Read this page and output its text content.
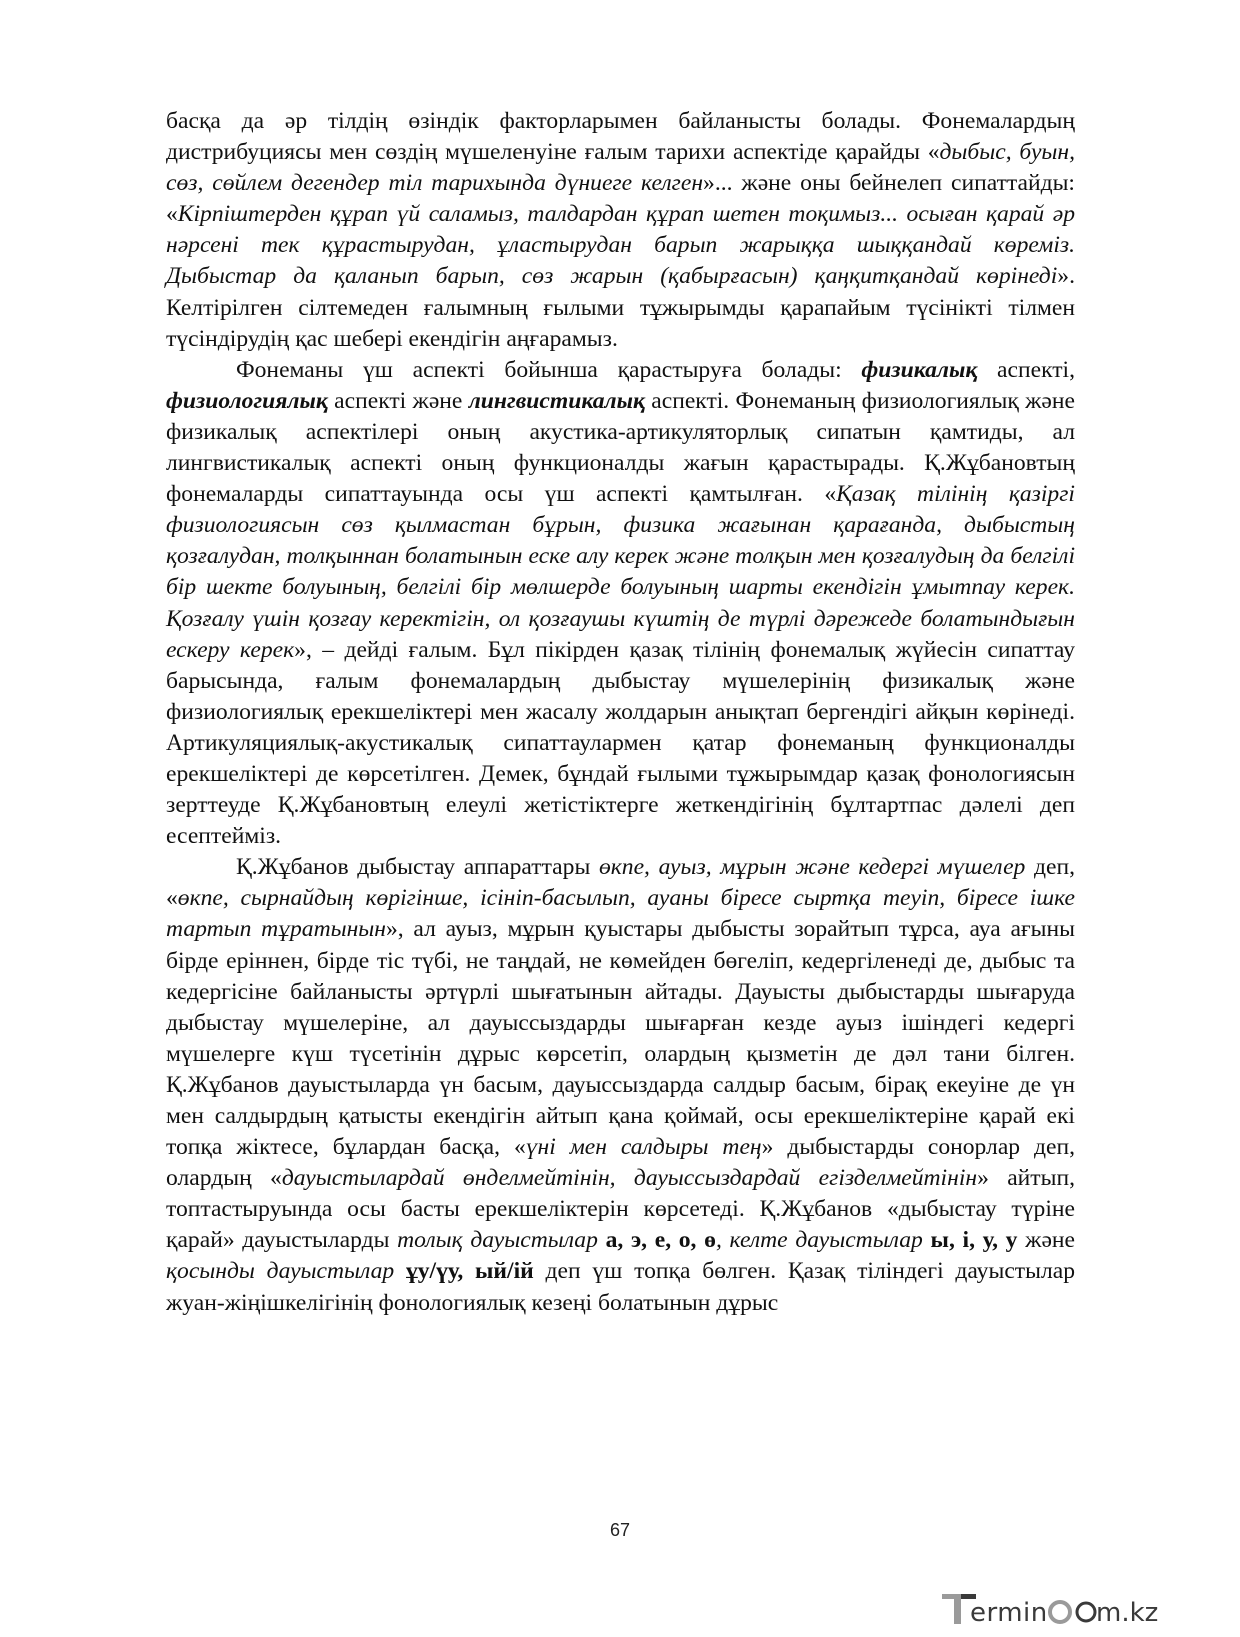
басқа да әр тілдің өзіндік факторларымен байланысты болады. Фонемалардың дистрибуциясы мен сөздің мүшеленуіне ғалым тарихи аспектіде қарайды «дыбыс, буын, сөз, сөйлем дегендер тіл тарихында дүниеге келген»... және оны бейнелеп сипаттайды: «Кірпіштерден құрап үй саламыз, талдардан құрап шетен тоқимыз... осыған қарай әр нәрсені тек құрастырудан, ұластырудан барып жарыққа шыққандай көреміз. Дыбыстар да қаланып барып, сөз жарын (қабырғасын) қаңқитқандай көрінеді». Келтірілген сілтемеден ғалымның ғылыми тұжырымды қарапайым түсінікті тілмен түсіндірудің қас шебері екендігін аңғарамыз.

Фонеманы үш аспекті бойынша қарастыруға болады: физикалық аспекті, физиологиялық аспекті және лингвистикалық аспекті. Фонеманың физиологиялық және физикалық аспектілері оның акустика-артикуляторлық сипатын қамтиды, ал лингвистикалық аспекті оның функционалды жағын қарастырады. Қ.Жұбановтың фонемаларды сипаттауында осы үш аспекті қамтылған. «Қазақ тілінің қазіргі физиологиясын сөз қылмастан бұрын, физика жағынан қарағанда, дыбыстың қозғалудан, толқыннан болатынын еске алу керек және толқын мен қозғалудың да белгілі бір шекте болуының, белгілі бір мөлшерде болуының шарты екендігін ұмытпау керек. Қозғалу үшін қозғау керектігін, ол қозғаушы күштің де түрлі дәрежеде болатындығын ескеру керек», – дейді ғалым. Бұл пікірден қазақ тілінің фонемалық жүйесін сипаттау барысында, ғалым фонемалардың дыбыстау мүшелерінің физикалық және физиологиялық ерекшеліктері мен жасалу жолдарын анықтап бергендігі айқын көрінеді. Артикуляциялық-акустикалық сипаттаулармен қатар фонеманың функционалды ерекшеліктері де көрсетілген. Демек, бұндай ғылыми тұжырымдар қазақ фонологиясын зерттеуде Қ.Жұбановтың елеулі жетістіктерге жеткендігінің бұлтартпас дәлелі деп есептейміз.

Қ.Жұбанов дыбыстау аппараттары өкпе, ауыз, мұрын және кедергі мүшелер деп, «өкпе, сырнайдың көрігінше, ісініп-басылып, ауаны біресе сыртқа теуіп, біресе ішке тартып тұратынын», ал ауыз, мұрын қуыстары дыбысты зорайтып тұрса, ауа ағыны бірде еріннен, бірде тіс түбі, не таңдай, не көмейден бөгеліп, кедергіленеді де, дыбыс та кедергісіне байланысты әртүрлі шығатынын айтады. Дауысты дыбыстарды шығаруда дыбыстау мүшелеріне, ал дауыссыздарды шығарған кезде ауыз ішіндегі кедергі мүшелерге күш түсетінін дұрыс көрсетіп, олардың қызметін де дәл тани білген. Қ.Жұбанов дауыстыларда үн басым, дауыссыздарда салдыр басым, бірақ екеуіне де үн мен салдырдың қатысты екендігін айтып қана қоймай, осы ерекшеліктеріне қарай екі топқа жіктесе, бұлардан басқа, «үні мен салдыры тең» дыбыстарды сонорлар деп, олардың «дауыстылардай өнделмейтінін, дауыссыздардай егізделмейтінін» айтып, топтастыруында осы басты ерекшеліктерін көрсетеді. Қ.Жұбанов «дыбыстау түріне қарай» дауыстыларды толық дауыстылар а, э, е, о, ө, келте дауыстылар ы, і, у, у және қосынды дауыстылар ұу/үу, ый/ій деп үш топқа бөлген. Қазақ тіліндегі дауыстылар жуан-жіңішкелігінің фонологиялық кезеңі болатынын дұрыс

67
ermin m.kz
